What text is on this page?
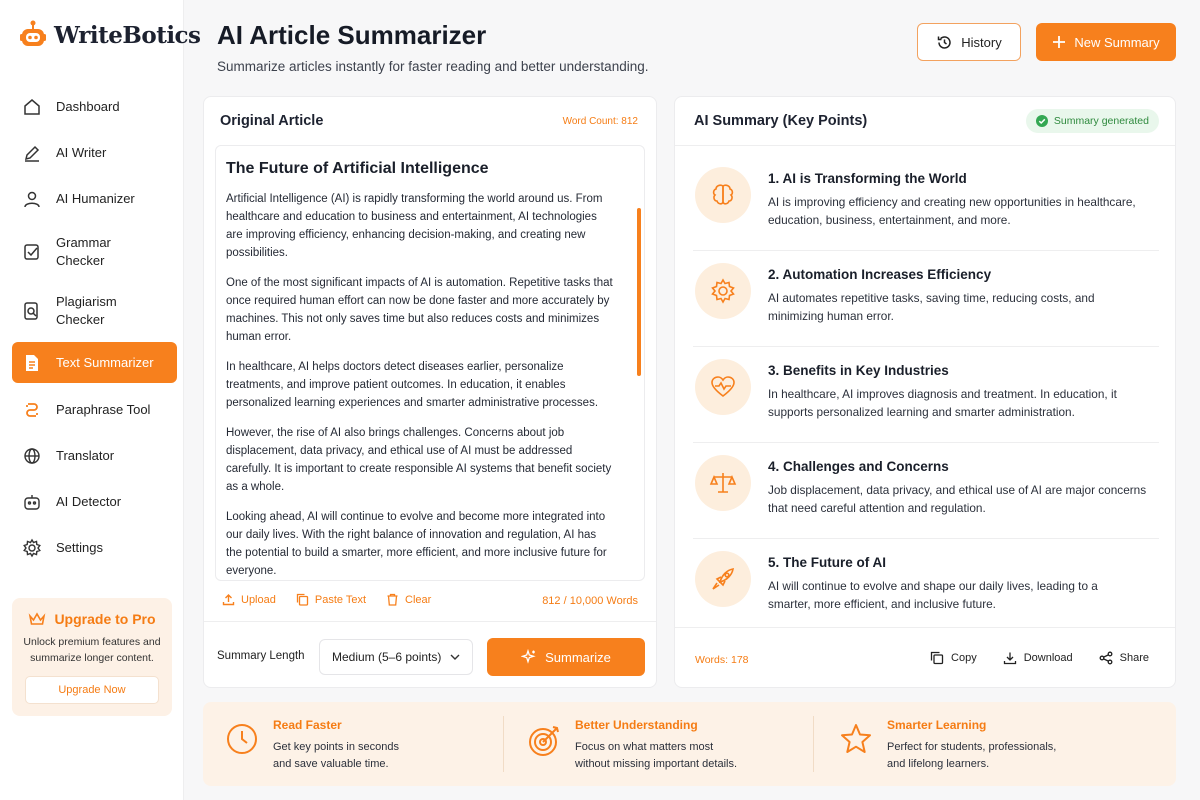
WriteBotics
Dashboard
AI Writer
AI Humanizer
Grammar Checker
Plagiarism Checker
Text Summarizer
Paraphrase Tool
Translator
AI Detector
Settings
Upgrade to Pro
Unlock premium features and
summarize longer content.
Upgrade Now
AI Article Summarizer

Summarize articles instantly for faster reading and better understanding.

History	New Summary
Original Article	Word Count: 812
The Future of Artificial Intelligence

Artificial Intelligence (AI) is rapidly transforming the world around us. From healthcare and education to business and entertainment, AI technologies are improving efficiency, enhancing decision-making, and creating new possibilities.

One of the most significant impacts of AI is automation. Repetitive tasks that once required human effort can now be done faster and more accurately by machines. This not only saves time but also reduces costs and minimizes human error.

In healthcare, AI helps doctors detect diseases earlier, personalize treatments, and improve patient outcomes. In education, it enables personalized learning experiences and smarter administrative processes.

However, the rise of AI also brings challenges. Concerns about job displacement, data privacy, and ethical use of AI must be addressed carefully. It is important to create responsible AI systems that benefit society as a whole.

Looking ahead, AI will continue to evolve and become more integrated into our daily lives. With the right balance of innovation and regulation, AI has the potential to build a smarter, more efficient, and more inclusive future for everyone.

Upload	Paste Text	Clear	812 / 10,000 Words
Summary Length Medium (5–6 points)	Summarize
AI Summary (Key Points)	Summary generated
1. AI is Transforming the World
AI is improving efficiency and creating new opportunities in healthcare, education, business, entertainment, and more.
2. Automation Increases Efficiency
AI automates repetitive tasks, saving time, reducing costs, and minimizing human error.
3. Benefits in Key Industries
In healthcare, AI improves diagnosis and treatment. In education, it supports personalized learning and smarter administration.
4. Challenges and Concerns
Job displacement, data privacy, and ethical use of AI are major concerns that need careful attention and regulation.
5. The Future of AI
AI will continue to evolve and shape our daily lives, leading to a smarter, more efficient, and inclusive future.
Words: 178	Copy	Download	Share
Read Faster
Get key points in seconds
and save valuable time.
Better Understanding
Focus on what matters most
without missing important details.
Smarter Learning
Perfect for students, professionals,
and lifelong learners.
